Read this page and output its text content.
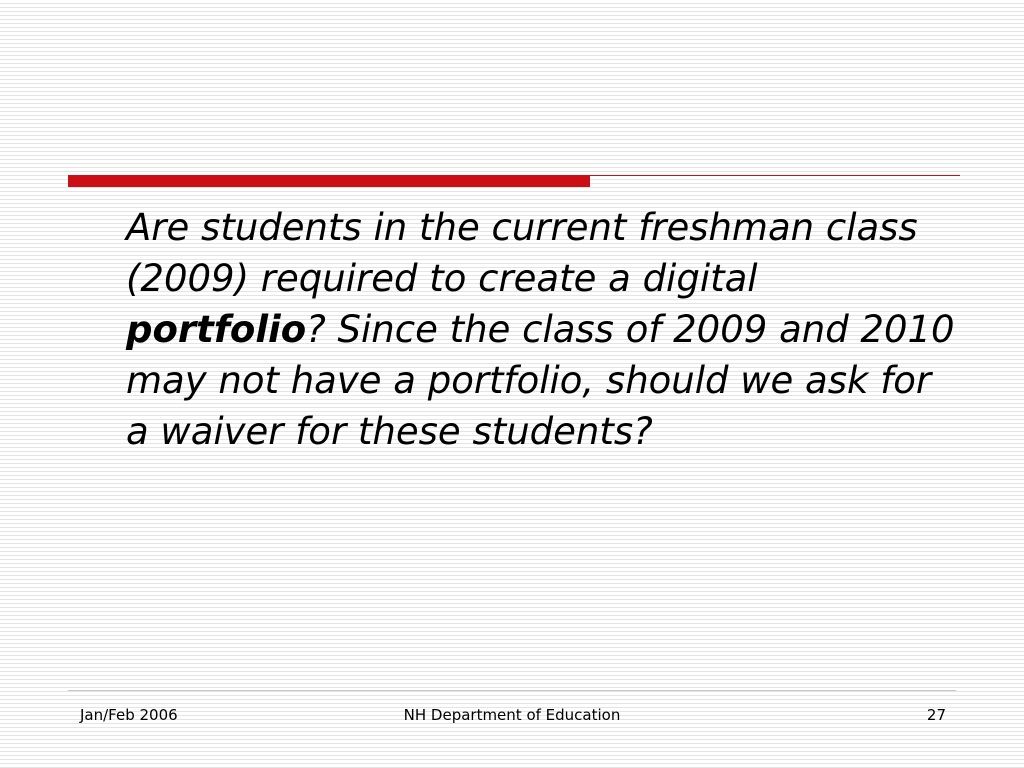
Are students in the current freshman class (2009) required to create a digital portfolio? Since the class of 2009 and 2010 may not have a portfolio, should we ask for a waiver for these students?

Jan/Feb 2006	NH Department of Education	27
